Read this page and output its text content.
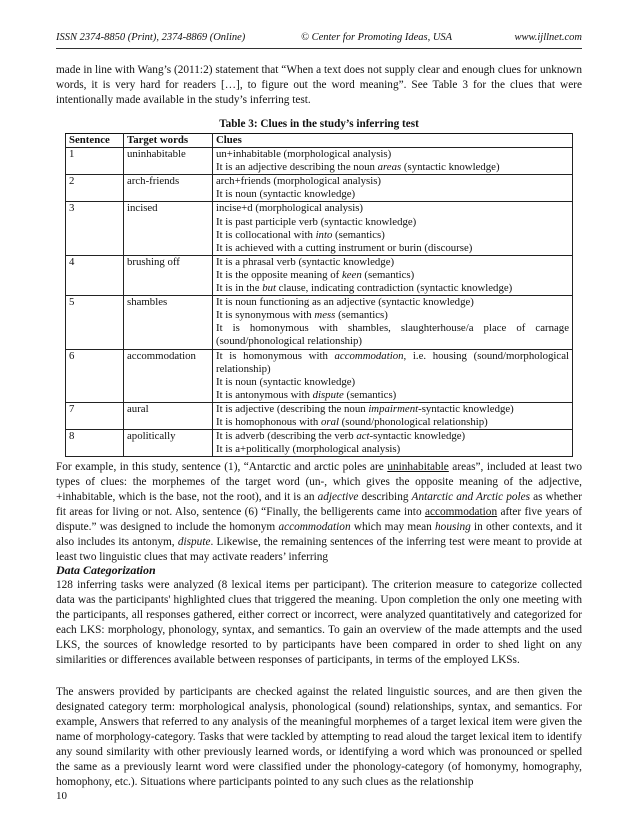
ISSN 2374-8850 (Print), 2374-8869 (Online)	© Center for Promoting Ideas, USA	www.ijllnet.com

made in line with Wang’s (2011:2) statement that “When a text does not supply clear and enough clues for unknown words, it is very hard for readers […], to figure out the word meaning”. See Table 3 for the clues that were intentionally made available in the study’s inferring test.

Table 3: Clues in the study’s inferring test
Sentence	Target words	Clues
1	uninhabitable	un+inhabitable (morphological analysis)
It is an adjective describing the noun areas (syntactic knowledge)

2	arch-friends	arch+friends (morphological analysis)
It is noun (syntactic knowledge)

3	incised	incise+d (morphological analysis)
It is past participle verb (syntactic knowledge)
It is collocational with into (semantics)
It is achieved with a cutting instrument or burin (discourse)

4	brushing off	It is a phrasal verb (syntactic knowledge)
It is the opposite meaning of keen (semantics)
It is in the but clause, indicating contradiction (syntactic knowledge)

5	shambles	It is noun functioning as an adjective (syntactic knowledge)
It is synonymous with mess (semantics)
It is homonymous with shambles, slaughterhouse/a place of carnage (sound/phonological relationship)

6	accommodation	It is homonymous with accommodation, i.e. housing (sound/morphological relationship)
It is noun (syntactic knowledge)
It is antonymous with dispute (semantics)

7	aural	It is adjective (describing the noun impairment-syntactic knowledge)
It is homophonous with oral (sound/phonological relationship)

8	apolitically	It is adverb (describing the verb act-syntactic knowledge)
It is a+politically (morphological analysis)

For example, in this study, sentence (1), “Antarctic and arctic poles are uninhabitable areas”, included at least two types of clues: the morphemes of the target word (un-, which gives the opposite meaning of the adjective, +inhabitable, which is the base, not the root), and it is an adjective describing Antarctic and Arctic poles as whether fit areas for living or not. Also, sentence (6) “Finally, the belligerents came into accommodation after five years of dispute.” was designed to include the homonym accommodation which may mean housing in other contexts, and it also includes its antonym, dispute. Likewise, the remaining sentences of the inferring test were meant to provide at least two linguistic clues that may activate readers’ inferring

Data Categorization

128 inferring tasks were analyzed (8 lexical items per participant). The criterion measure to categorize collected data was the participants' highlighted clues that triggered the meaning. Upon completion the only one meeting with the participants, all responses gathered, either correct or incorrect, were analyzed quantitatively and categorized for each LKS: morphology, phonology, syntax, and semantics. To gain an overview of the made attempts and the used LKS, the sources of knowledge resorted to by participants have been compared in order to shed light on any similarities or differences available between responses of participants, in terms of the employed LKSs.

The answers provided by participants are checked against the related linguistic sources, and are then given the designated category term: morphological analysis, phonological (sound) relationships, syntax, and semantics. For example, Answers that referred to any analysis of the meaningful morphemes of a target lexical item were given the name of morphology-category. Tasks that were tackled by attempting to read aloud the target lexical item to identify any sound similarity with other previously learned words, or identifying a word which was pronounced or spelled the same as a previously learnt word were classified under the phonology-category (of homonymy, homography, homophony, etc.). Situations where participants pointed to any such clues as the relationship

10
